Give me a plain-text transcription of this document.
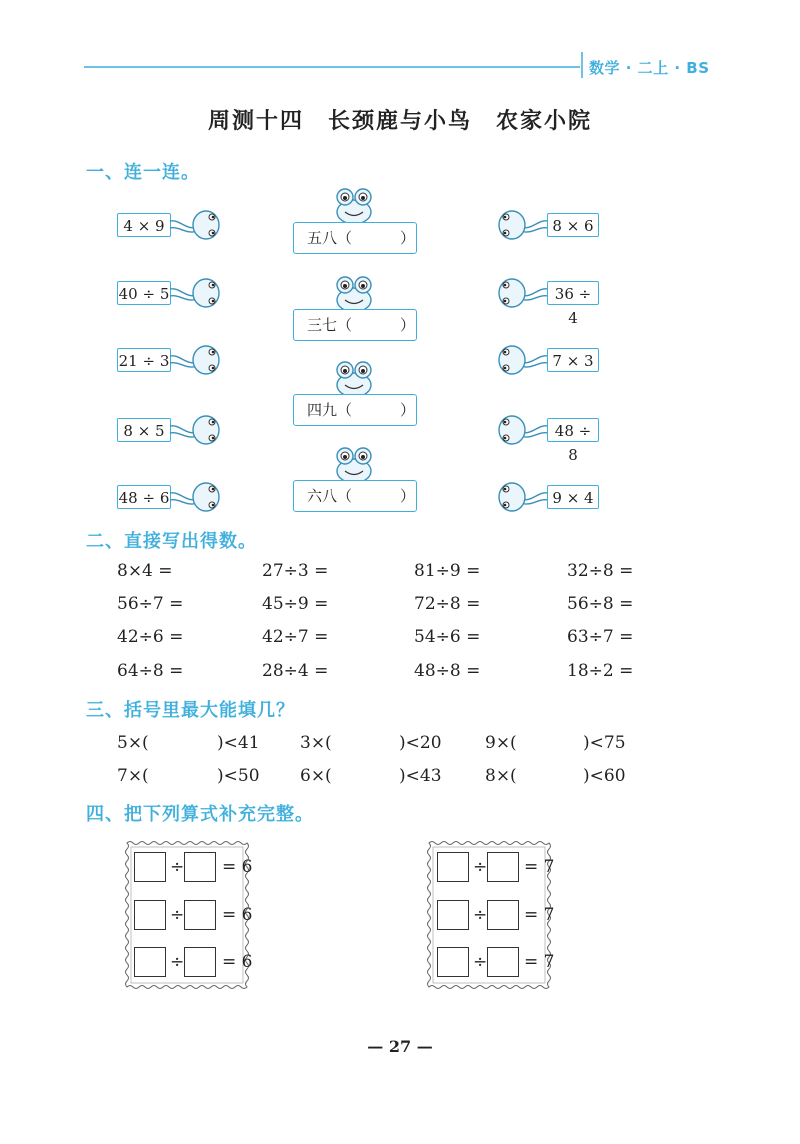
数学 · 二上 · BS
周测十四　长颈鹿与小鸟　农家小院
一、连一连。
4 × 9
40 ÷ 5
21 ÷ 3
8 × 5
48 ÷ 6
8 × 6
36 ÷ 4
7 × 3
48 ÷ 8
9 × 4
五八（	）
三七（	）
四九（	）
六八（	）
二、直接写出得数。
8×4 =	27÷3 =	81÷9 =	32÷8 =
56÷7 =	45÷9 =	72÷8 =	56÷8 =
42÷6 =	42÷7 =	54÷6 =	63÷7 =
64÷8 =	28÷4 =	48÷8 =	18÷2 =
三、括号里最大能填几？
5×(	)<41 3×(	)<20	9×(	)<75
7×(	)<50 6×(	)<43	8×(	)<60
四、把下列算式补充完整。
÷ = 6
÷ = 6
÷ = 6
÷ = 7
÷ = 7
÷ = 7
— 27 —
